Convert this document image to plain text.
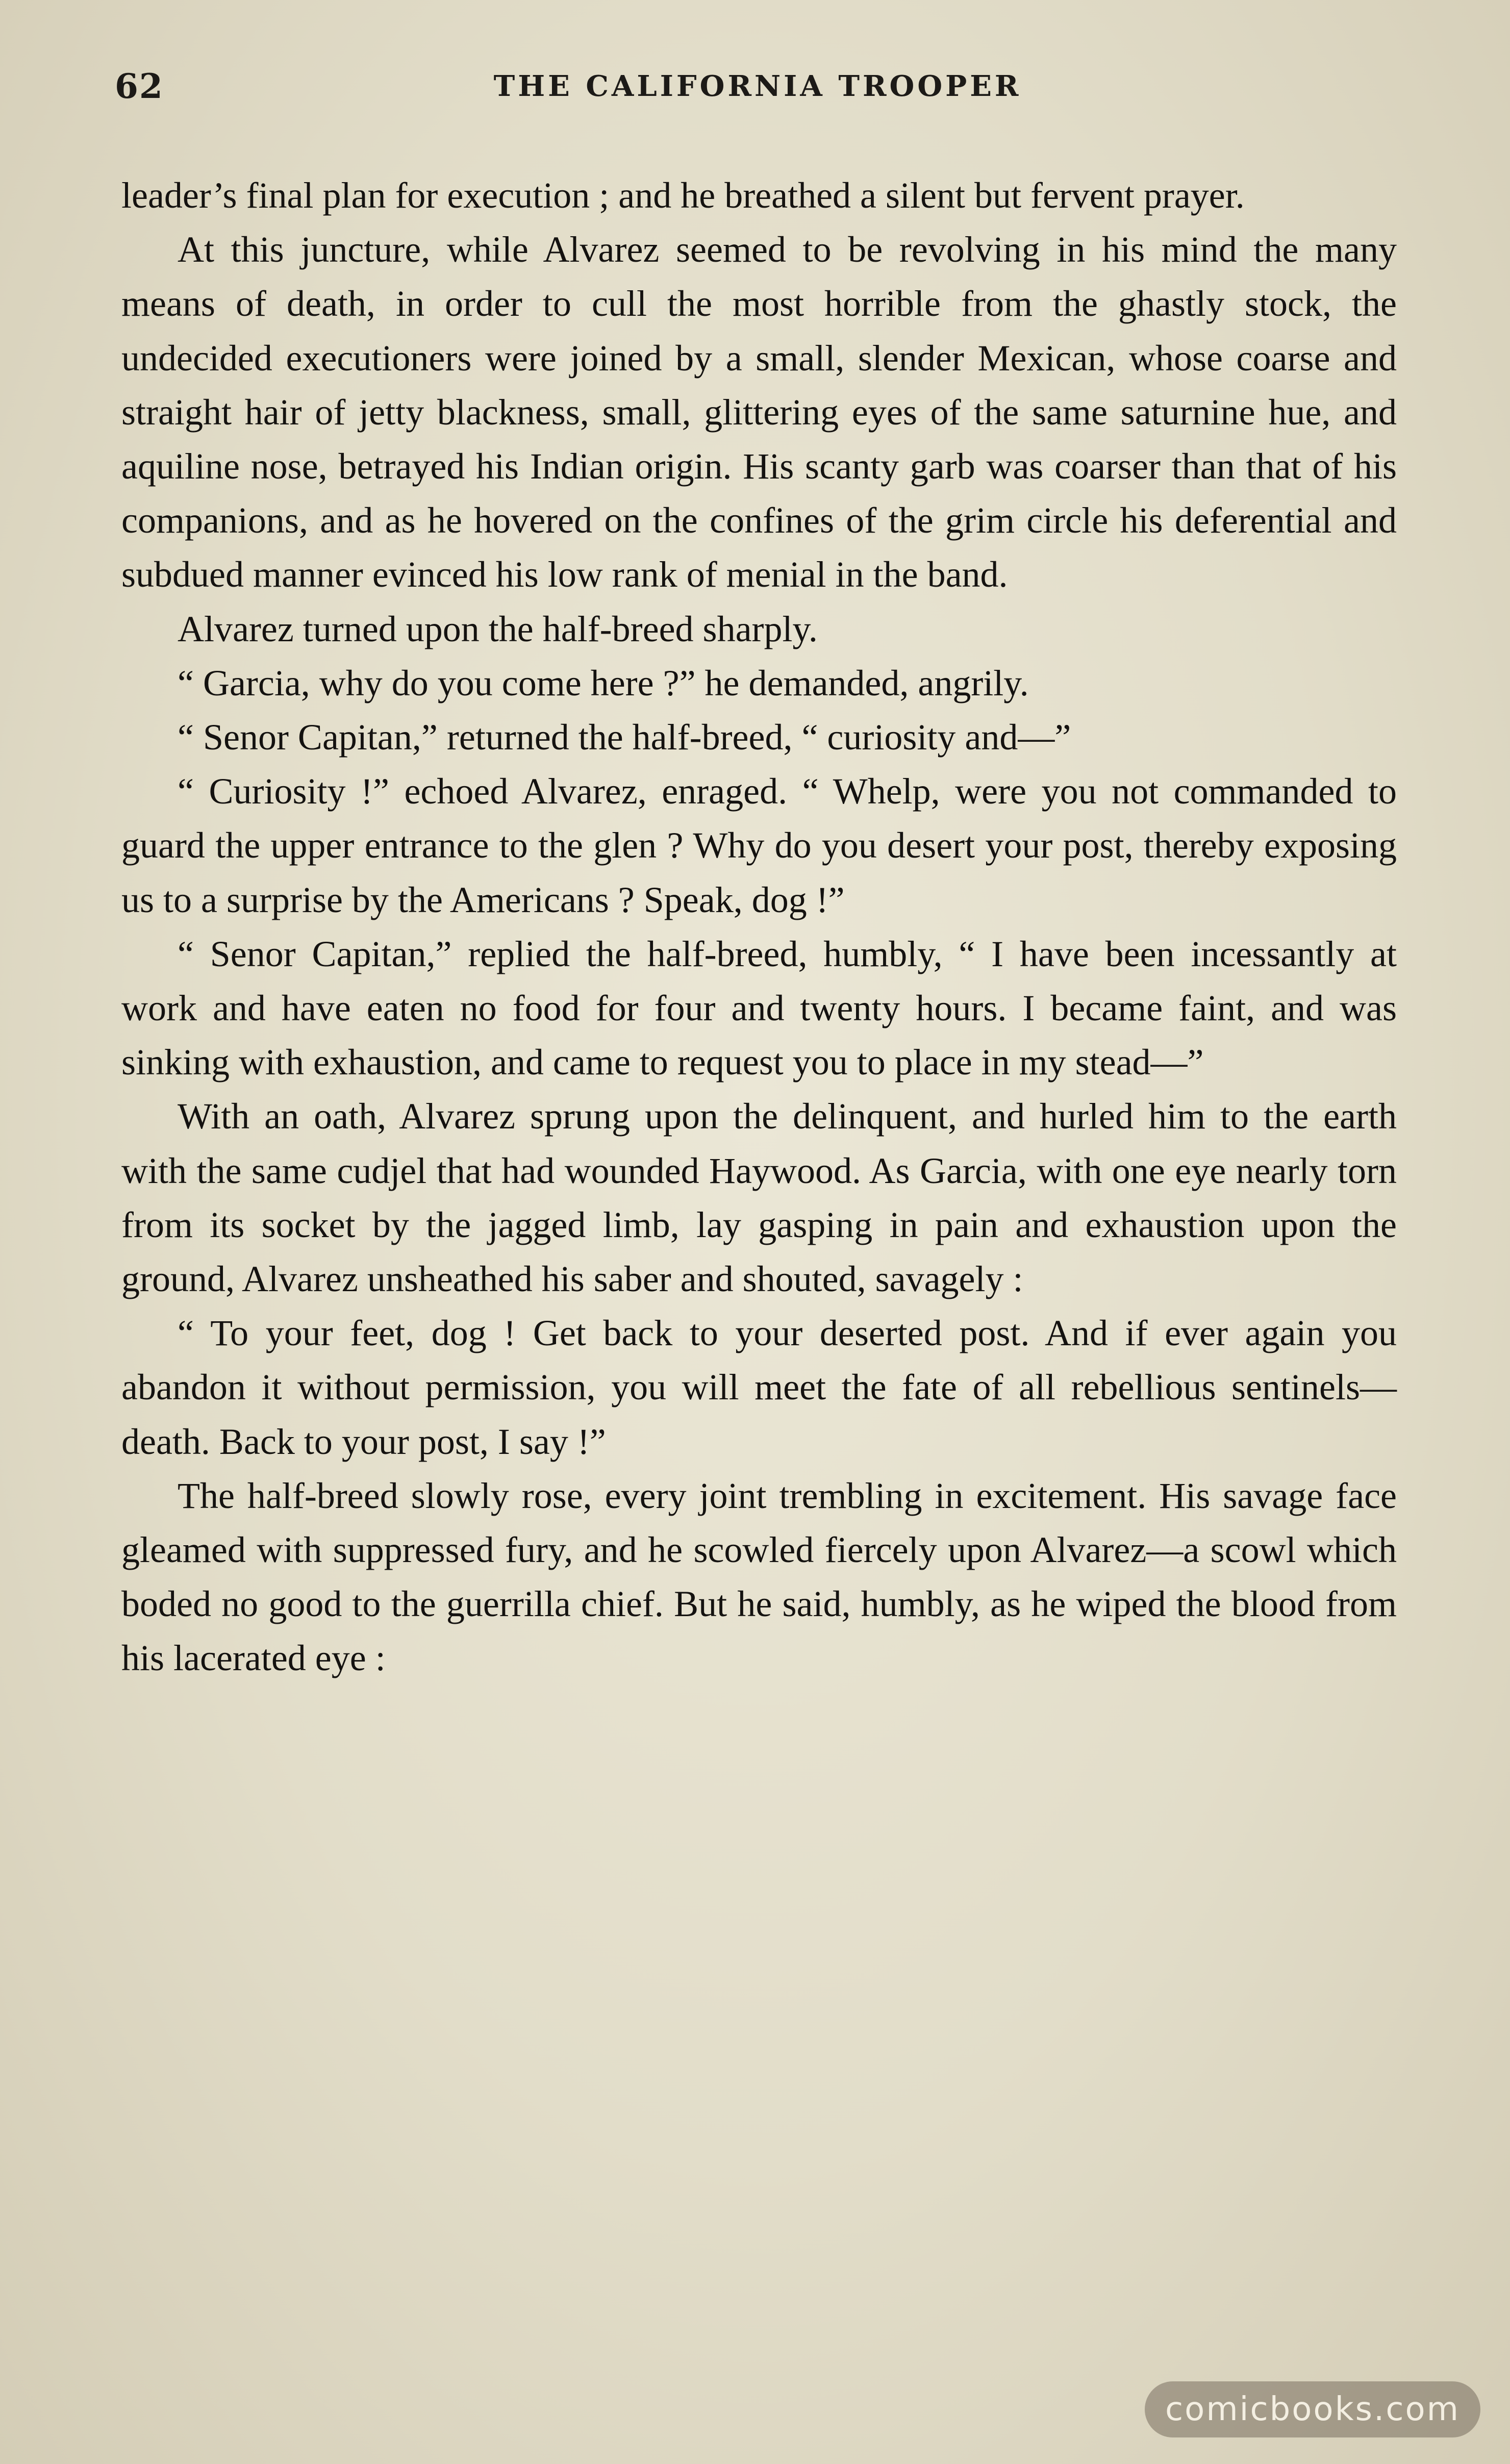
62	THE CALIFORNIA TROOPER

leader’s final plan for execution ; and he breathed a silent but fervent prayer.

At this juncture, while Alvarez seemed to be revolving in his mind the many means of death, in order to cull the most horrible from the ghastly stock, the undecided executioners were joined by a small, slender Mexican, whose coarse and straight hair of jetty blackness, small, glittering eyes of the same saturnine hue, and aquiline nose, betrayed his Indian origin. His scanty garb was coarser than that of his companions, and as he hovered on the confines of the grim circle his deferential and subdued manner evinced his low rank of menial in the band.

Alvarez turned upon the half-breed sharply.

“ Garcia, why do you come here ?” he demanded, angrily.

“ Senor Capitan,” returned the half-breed, “ curiosity and—”

“ Curiosity !” echoed Alvarez, enraged. “ Whelp, were you not commanded to guard the upper entrance to the glen ? Why do you desert your post, thereby exposing us to a surprise by the Americans ? Speak, dog !”

“ Senor Capitan,” replied the half-breed, humbly, “ I have been incessantly at work and have eaten no food for four and twenty hours. I became faint, and was sinking with exhaustion, and came to request you to place in my stead—”

With an oath, Alvarez sprung upon the delinquent, and hurled him to the earth with the same cudjel that had wounded Haywood. As Garcia, with one eye nearly torn from its socket by the jagged limb, lay gasping in pain and exhaustion upon the ground, Alvarez unsheathed his saber and shouted, savagely :

“ To your feet, dog ! Get back to your deserted post. And if ever again you abandon it without permission, you will meet the fate of all rebellious sentinels—death. Back to your post, I say !”

The half-breed slowly rose, every joint trembling in excitement. His savage face gleamed with suppressed fury, and he scowled fiercely upon Alvarez—a scowl which boded no good to the guerrilla chief. But he said, humbly, as he wiped the blood from his lacerated eye :

comicbooks.com
